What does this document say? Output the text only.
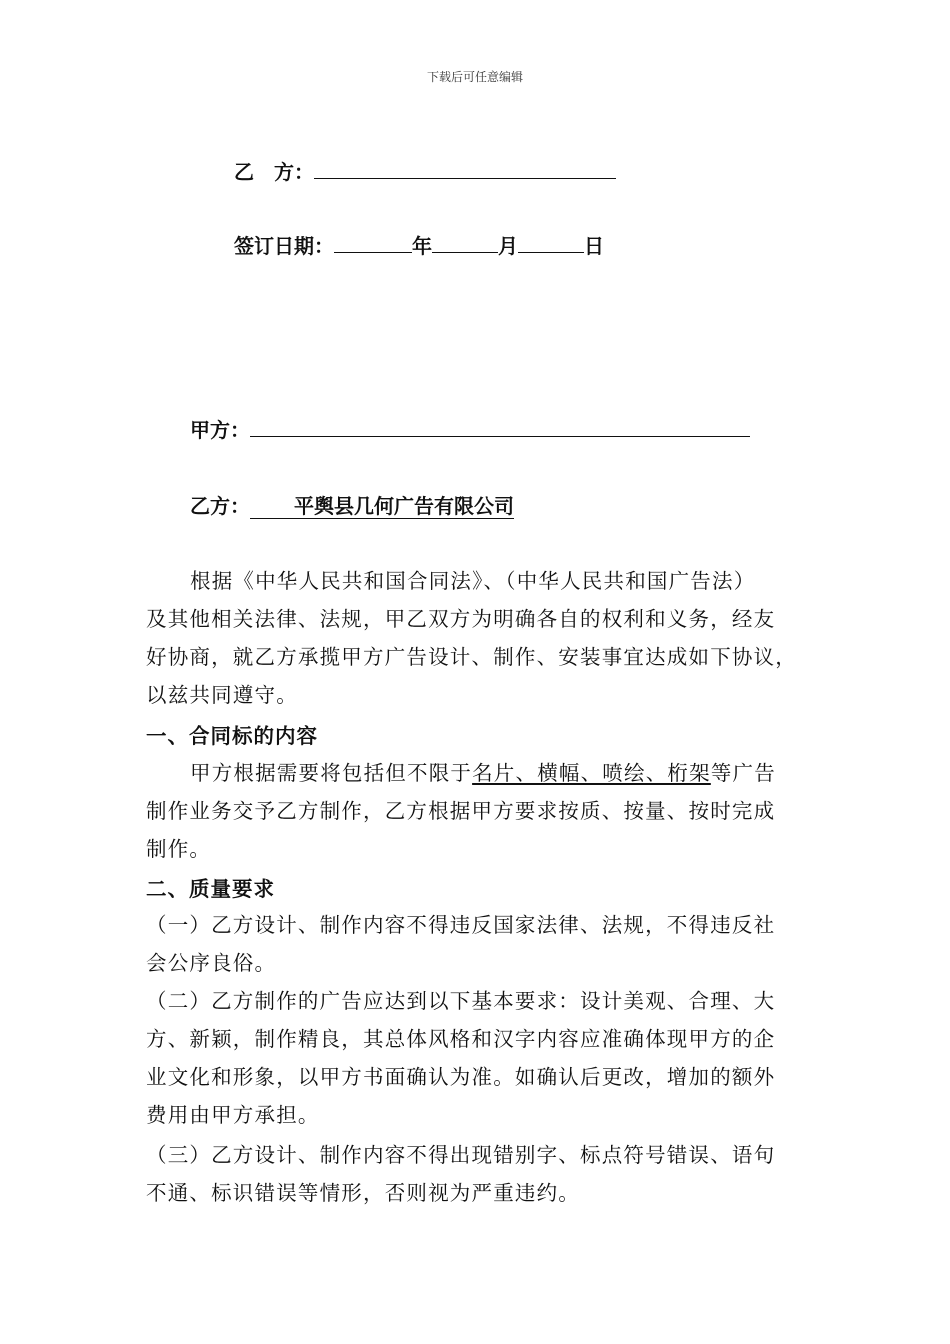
下载后可任意编辑
乙　方：
签订日期：	年	月	日
甲方：
乙方： 平舆县几何广告有限公司
根据《中华人民共和国合同法》、（中华人民共和国广告法）
及其他相关法律、法规，甲乙双方为明确各自的权利和义务，经友
好协商，就乙方承揽甲方广告设计、制作、安装事宜达成如下协议，
以兹共同遵守。
一、合同标的内容
甲方根据需要将包括但不限于名片、横幅、喷绘、桁架等广告
制作业务交予乙方制作，乙方根据甲方要求按质、按量、按时完成
制作。
二、质量要求
（一）乙方设计、制作内容不得违反国家法律、法规，不得违反社
会公序良俗。
（二）乙方制作的广告应达到以下基本要求：设计美观、合理、大
方、新颖，制作精良，其总体风格和汉字内容应准确体现甲方的企
业文化和形象，以甲方书面确认为准。如确认后更改，增加的额外
费用由甲方承担。
（三）乙方设计、制作内容不得出现错别字、标点符号错误、语句
不通、标识错误等情形，否则视为严重违约。
